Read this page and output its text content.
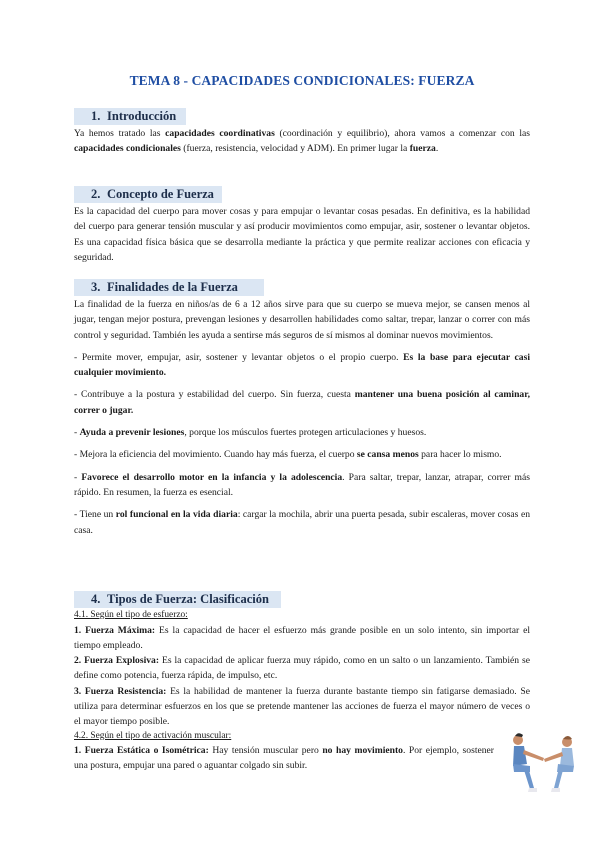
TEMA 8 - CAPACIDADES CONDICIONALES: FUERZA
1. Introducción

Ya hemos tratado las capacidades coordinativas (coordinación y equilibrio), ahora vamos a comenzar con las capacidades condicionales (fuerza, resistencia, velocidad y ADM). En primer lugar la fuerza.

2. Concepto de Fuerza

Es la capacidad del cuerpo para mover cosas y para empujar o levantar cosas pesadas. En definitiva, es la habilidad del cuerpo para generar tensión muscular y así producir movimientos como empujar, asir, sostener o levantar objetos. Es una capacidad física básica que se desarrolla mediante la práctica y que permite realizar acciones con eficacia y seguridad.

3. Finalidades de la Fuerza

La finalidad de la fuerza en niños/as de 6 a 12 años sirve para que su cuerpo se mueva mejor, se cansen menos al jugar, tengan mejor postura, prevengan lesiones y desarrollen habilidades como saltar, trepar, lanzar o correr con más control y seguridad. También les ayuda a sentirse más seguros de sí mismos al dominar nuevos movimientos.

- Permite mover, empujar, asir, sostener y levantar objetos o el propio cuerpo. Es la base para ejecutar casi cualquier movimiento.

- Contribuye a la postura y estabilidad del cuerpo. Sin fuerza, cuesta mantener una buena posición al caminar, correr o jugar.

- Ayuda a prevenir lesiones, porque los músculos fuertes protegen articulaciones y huesos.

- Mejora la eficiencia del movimiento. Cuando hay más fuerza, el cuerpo se cansa menos para hacer lo mismo.

- Favorece el desarrollo motor en la infancia y la adolescencia. Para saltar, trepar, lanzar, atrapar, correr más rápido. En resumen, la fuerza es esencial.

- Tiene un rol funcional en la vida diaria: cargar la mochila, abrir una puerta pesada, subir escaleras, mover cosas en casa.

4. Tipos de Fuerza: Clasificación
4.1. Según el tipo de esfuerzo:
1. Fuerza Máxima: Es la capacidad de hacer el esfuerzo más grande posible en un solo intento, sin importar el tiempo empleado.
2. Fuerza Explosiva: Es la capacidad de aplicar fuerza muy rápido, como en un salto o un lanzamiento. También se define como potencia, fuerza rápida, de impulso, etc.
3. Fuerza Resistencia: Es la habilidad de mantener la fuerza durante bastante tiempo sin fatigarse demasiado. Se utiliza para determinar esfuerzos en los que se pretende mantener las acciones de fuerza el mayor número de veces o el mayor tiempo posible.
4.2. Según el tipo de activación muscular:
1. Fuerza Estática o Isométrica: Hay tensión muscular pero no hay movimiento. Por ejemplo, sostener una postura, empujar una pared o aguantar colgado sin subir.
